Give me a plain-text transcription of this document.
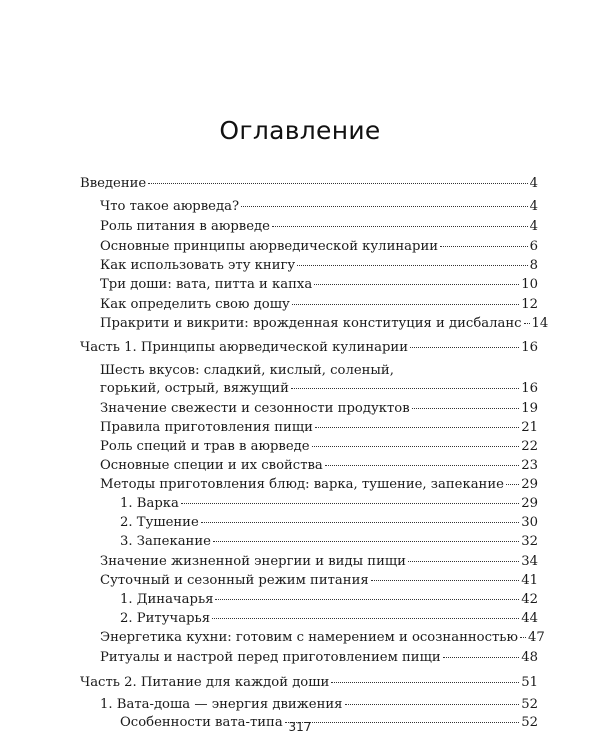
Оглавление
Введение	4
Что такое аюрведа?	4
Роль питания в аюрведе	4
Основные принципы аюрведической кулинарии	6
Как использовать эту книгу	8
Три доши: вата, питта и капха	10
Как определить свою дошу	12
Пракрити и викрити: врожденная конституция и дисбаланс 14
Часть 1. Принципы аюрведической кулинарии	16
Шесть вкусов: сладкий, кислый, соленый,
горький, острый, вяжущий	16
Значение свежести и сезонности продуктов	19
Правила приготовления пищи	21
Роль специй и трав в аюрведе	22
Основные специи и их свойства	23
Методы приготовления блюд: варка, тушение, запекание 29
1. Варка	29
2. Тушение	30
3. Запекание	32
Значение жизненной энергии и виды пищи	34
Суточный и сезонный режим питания	41
1. Диначарья	42
2. Ритучарья	44
Энергетика кухни: готовим с намерением и осознанностью 47
Ритуалы и настрой перед приготовлением пищи	48
Часть 2. Питание для каждой доши	51
1. Вата-доша — энергия движения	52
Особенности вата-типа	52
317
